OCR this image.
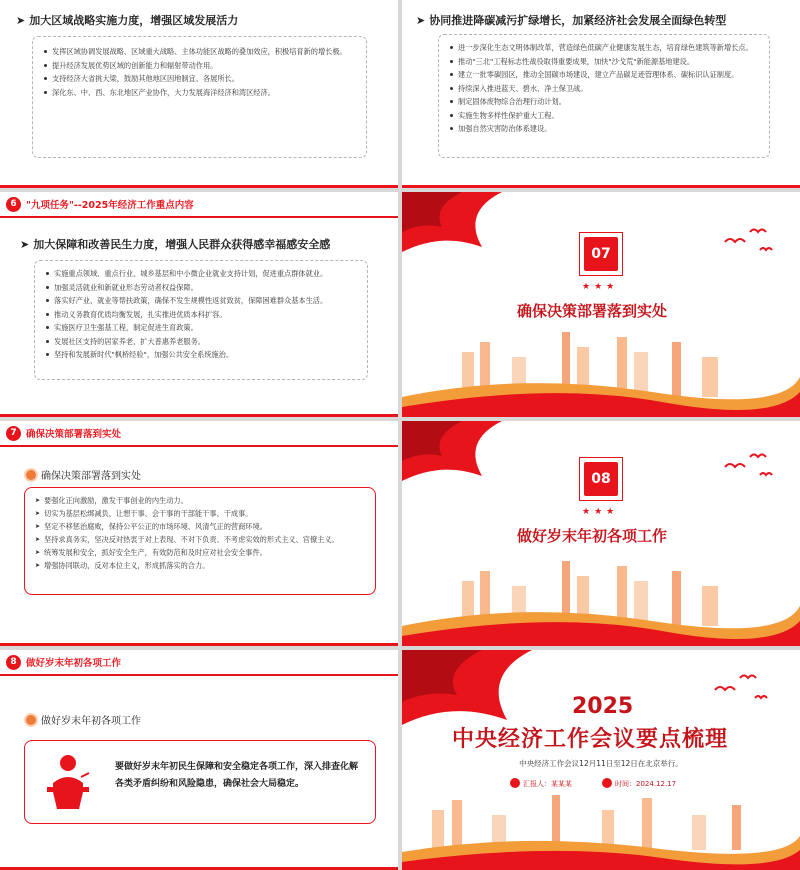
➤ 加大区域战略实施力度，增强区域发展活力
发挥区域协调发展战略、区域重大战略、主体功能区战略的叠加效应，积极培育新的增长极。
提升经济发展优势区域的创新能力和辐射带动作用。
支持经济大省挑大梁，鼓励其他地区因地制宜、各展所长。
深化东、中、西、东北地区产业协作，大力发展海洋经济和湾区经济。
➤ 协同推进降碳减污扩绿增长，加紧经济社会发展全面绿色转型
进一步深化生态文明体制改革，营造绿色低碳产业健康发展生态，培育绿色建筑等新增长点。
推动"三北"工程标志性战役取得重要成果，加快"沙戈荒"新能源基地建设。
建立一批零碳园区，推动全国碳市场建设，建立产品碳足迹管理体系、碳标识认证制度。
持续深入推进蓝天、碧水、净土保卫战。
制定固体废物综合治理行动计划。
实施生物多样性保护重大工程。
加强自然灾害防治体系建设。
6 "九项任务"--2025年经济工作重点内容
➤ 加大保障和改善民生力度，增强人民群众获得感幸福感安全感
实施重点领域、重点行业、城乡基层和中小微企业就业支持计划，促进重点群体就业。
加强灵活就业和新就业形态劳动者权益保障。
落实好产业、就业等帮扶政策，确保不发生规模性返贫致贫，保障困难群众基本生活。
推动义务教育优质均衡发展，扎实推进优质本科扩容。
实施医疗卫生强基工程，制定促进生育政策。
发展社区支持的居家养老，扩大普惠养老服务。
坚持和发展新时代"枫桥经验"，加强公共安全系统施治。
07
★★★
确保决策部署落到实处
7 确保决策部署落到实处
确保决策部署落到实处
➤ 要强化正向激励，激发干事创业的内生动力。
➤ 切实为基层松绑减负，让想干事、会干事的干部能干事、干成事。
➤ 坚定不移惩治腐败，保持公平公正的市场环境、风清气正的营商环境。
➤ 坚持求真务实，坚决反对热衷于对上表现、不对下负责、不考虑实效的形式主义、官僚主义。
➤ 统筹发展和安全，抓好安全生产，有效防范和及时应对社会安全事件。
➤ 增强协同联动，反对本位主义，形成抓落实的合力。
08
★★★
做好岁末年初各项工作
8 做好岁末年初各项工作
做好岁末年初各项工作
要做好岁末年初民生保障和安全稳定各项工作，深入排查化解各类矛盾纠纷和风险隐患，确保社会大局稳定。
2025
中央经济工作会议要点梳理
中央经济工作会议12月11日至12日在北京举行。
汇报人：某某某	时间：2024.12.17
